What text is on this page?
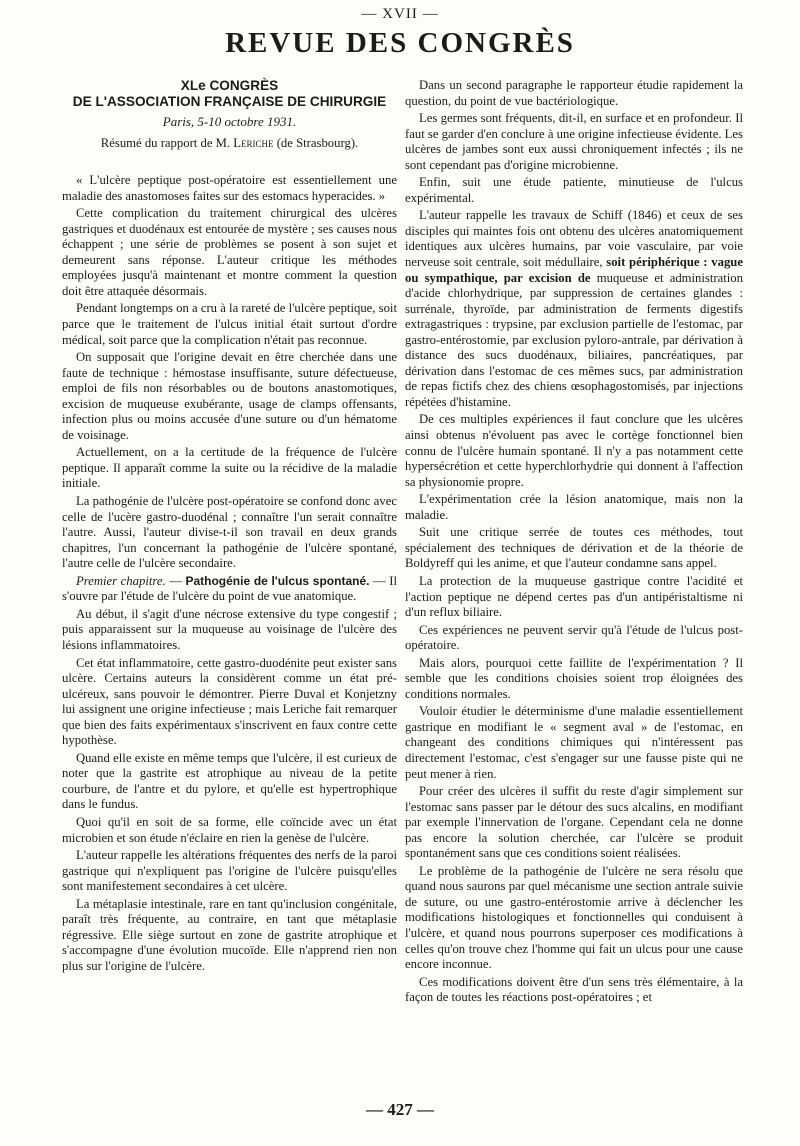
— XVII —
REVUE DES CONGRÈS
XLe CONGRÈS
DE L'ASSOCIATION FRANÇAISE DE CHIRURGIE
Paris, 5-10 octobre 1931.
Résumé du rapport de M. Leriche (de Strasbourg).

« L'ulcère peptique post-opératoire est essentiellement une maladie des anastomoses faites sur des estomacs hyperacides. »

Cette complication du traitement chirurgical des ulcères gastriques et duodénaux est entourée de mystère ; ses causes nous échappent ; une série de problèmes se posent à son sujet et demeurent sans réponse. L'auteur critique les méthodes employées jusqu'à maintenant et montre comment la question doit être attaquée désormais.

Pendant longtemps on a cru à la rareté de l'ulcère peptique, soit parce que le traitement de l'ulcus initial était surtout d'ordre médical, soit parce que la complication n'était pas reconnue.

On supposait que l'origine devait en être cherchée dans une faute de technique : hémostase insuffisante, suture défectueuse, emploi de fils non résorbables ou de boutons anastomotiques, excision de muqueuse exubérante, usage de clamps offensants, infection plus ou moins accusée d'une suture ou d'un hématome de voisinage.

Actuellement, on a la certitude de la fréquence de l'ulcère peptique. Il apparaît comme la suite ou la récidive de la maladie initiale.

La pathogénie de l'ulcère post-opératoire se confond donc avec celle de l'ucère gastro-duodénal ; connaître l'un serait connaître l'autre. Aussi, l'auteur divise-t-il son travail en deux grands chapitres, l'un concernant la pathogénie de l'ulcère spontané, l'autre celle de l'ulcère secondaire.

Premier chapitre. — Pathogénie de l'ulcus spontané. — Il s'ouvre par l'étude de l'ulcère du point de vue anatomique.

Au début, il s'agit d'une nécrose extensive du type congestif ; puis apparaissent sur la muqueuse au voisinage de l'ulcère des lésions inflammatoires.

Cet état inflammatoire, cette gastro-duodénite peut exister sans ulcère. Certains auteurs la considèrent comme un état pré-ulcéreux, sans pouvoir le démontrer. Pierre Duval et Konjetzny lui assignent une origine infectieuse ; mais Leriche fait remarquer que bien des faits expérimentaux s'inscrivent en faux contre cette hypothèse.

Quand elle existe en même temps que l'ulcère, il est curieux de noter que la gastrite est atrophique au niveau de la petite courbure, de l'antre et du pylore, et qu'elle est hypertrophique dans le fundus.

Quoi qu'il en soit de sa forme, elle coïncide avec un état microbien et son étude n'éclaire en rien la genèse de l'ulcère.

L'auteur rappelle les altérations fréquentes des nerfs de la paroi gastrique qui n'expliquent pas l'origine de l'ulcère puisqu'elles sont manifestement secondaires à cet ulcère.

La métaplasie intestinale, rare en tant qu'inclusion congénitale, paraît très fréquente, au contraire, en tant que métaplasie régressive. Elle siège surtout en zone de gastrite atrophique et s'accompagne d'une évolution mucoïde. Elle n'apprend rien non plus sur l'origine de l'ulcère.

Dans un second paragraphe le rapporteur étudie rapidement la question, du point de vue bactériologique.

Les germes sont fréquents, dit-il, en surface et en profondeur. Il faut se garder d'en conclure à une origine infectieuse évidente. Les ulcères de jambes sont eux aussi chroniquement infectés ; ils ne sont cependant pas d'origine microbienne.

Enfin, suit une étude patiente, minutieuse de l'ulcus expérimental.

L'auteur rappelle les travaux de Schiff (1846) et ceux de ses disciples qui maintes fois ont obtenu des ulcères anatomiquement identiques aux ulcères humains, par voie vasculaire, par voie nerveuse soit centrale, soit médullaire, soit périphérique : vague ou sympathique, par excision de muqueuse et administration d'acide chlorhydrique, par suppression de certaines glandes : surrénale, thyroïde, par administration de ferments digestifs extragastriques : trypsine, par exclusion partielle de l'estomac, par gastro-entérostomie, par exclusion pyloro-antrale, par dérivation à distance des sucs duodénaux, biliaires, pancréatiques, par dérivation dans l'estomac de ces mêmes sucs, par administration de repas fictifs chez des chiens œsophagostomisés, par injections répétées d'histamine.

De ces multiples expériences il faut conclure que les ulcères ainsi obtenus n'évoluent pas avec le cortège fonctionnel bien connu de l'ulcère humain spontané. Il n'y a pas notamment cette hypersécrétion et cette hyperchlorhydrie qui donnent à l'affection sa physionomie propre.

L'expérimentation crée la lésion anatomique, mais non la maladie.

Suit une critique serrée de toutes ces méthodes, tout spécialement des techniques de dérivation et de la théorie de Boldyreff qui les anime, et que l'auteur condamne sans appel.

La protection de la muqueuse gastrique contre l'acidité et l'action peptique ne dépend certes pas d'un antipéristaltisme ni d'un reflux biliaire.

Ces expériences ne peuvent servir qu'à l'étude de l'ulcus post-opératoire.

Mais alors, pourquoi cette faillite de l'expérimentation ? Il semble que les conditions choisies soient trop éloignées des conditions normales.

Vouloir étudier le déterminisme d'une maladie essentiellement gastrique en modifiant le « segment aval » de l'estomac, en changeant des conditions chimiques qui n'intéressent pas directement l'estomac, c'est s'engager sur une fausse piste qui ne peut mener à rien.

Pour créer des ulcères il suffit du reste d'agir simplement sur l'estomac sans passer par le détour des sucs alcalins, en modifiant par exemple l'innervation de l'organe. Cependant cela ne donne pas encore la solution cherchée, car l'ulcère se produit spontanément sans que ces conditions soient réalisées.

Le problème de la pathogénie de l'ulcère ne sera résolu que quand nous saurons par quel mécanisme une section antrale suivie de suture, ou une gastro-entérostomie arrive à déclencher les modifications histologiques et fonctionnelles qui conduisent à l'ulcère, et quand nous pourrons superposer ces modifications à celles qu'on trouve chez l'homme qui fait un ulcus pour une cause encore inconnue.

Ces modifications doivent être d'un sens très élémentaire, à la façon de toutes les réactions post-opératoires ; et

— 427 —
